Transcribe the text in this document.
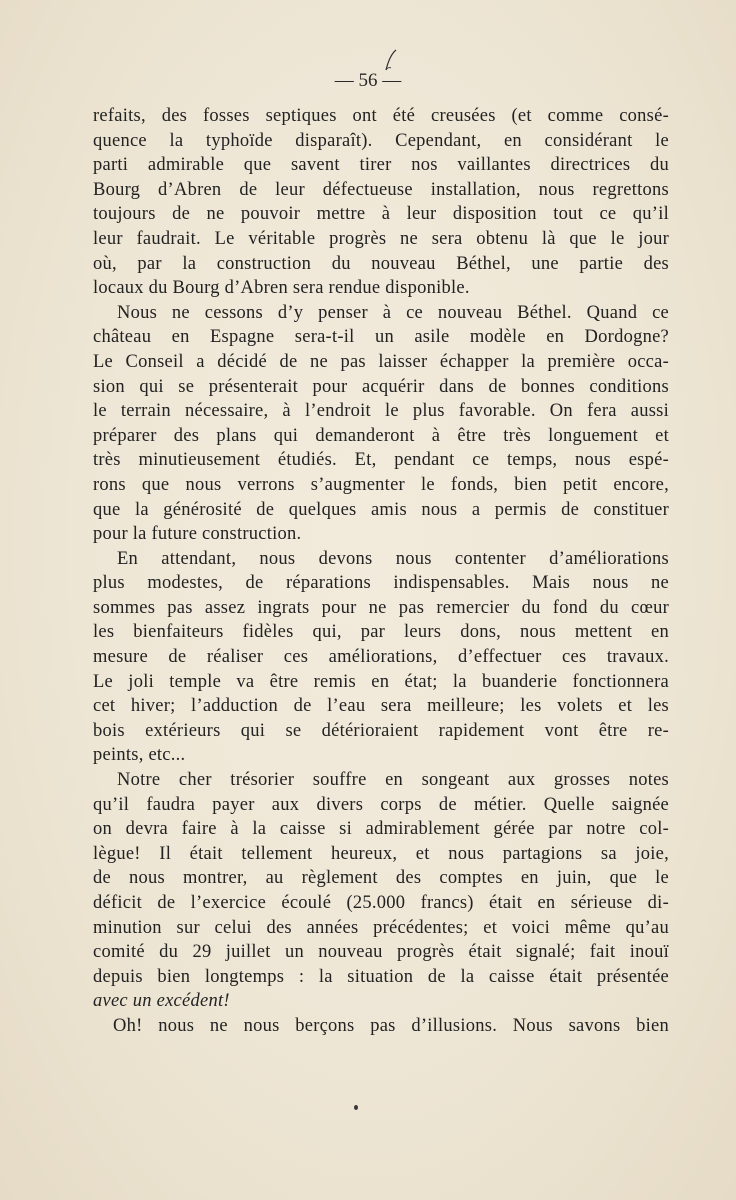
— 56 —
refaits, des fosses septiques ont été creusées (et comme consé-
quence la typhoïde disparaît). Cependant, en considérant le
parti admirable que savent tirer nos vaillantes directrices du
Bourg d’Abren de leur défectueuse installation, nous regrettons
toujours de ne pouvoir mettre à leur disposition tout ce qu’il
leur faudrait. Le véritable progrès ne sera obtenu là que le jour
où, par la construction du nouveau Béthel, une partie des
locaux du Bourg d’Abren sera rendue disponible.
Nous ne cessons d’y penser à ce nouveau Béthel. Quand ce
château en Espagne sera-t-il un asile modèle en Dordogne?
Le Conseil a décidé de ne pas laisser échapper la première occa-
sion qui se présenterait pour acquérir dans de bonnes conditions
le terrain nécessaire, à l’endroit le plus favorable. On fera aussi
préparer des plans qui demanderont à être très longuement et
très minutieusement étudiés. Et, pendant ce temps, nous espé-
rons que nous verrons s’augmenter le fonds, bien petit encore,
que la générosité de quelques amis nous a permis de constituer
pour la future construction.
En attendant, nous devons nous contenter d’améliorations
plus modestes, de réparations indispensables. Mais nous ne
sommes pas assez ingrats pour ne pas remercier du fond du cœur
les bienfaiteurs fidèles qui, par leurs dons, nous mettent en
mesure de réaliser ces améliorations, d’effectuer ces travaux.
Le joli temple va être remis en état; la buanderie fonctionnera
cet hiver; l’adduction de l’eau sera meilleure; les volets et les
bois extérieurs qui se détérioraient rapidement vont être re-
peints, etc...
Notre cher trésorier souffre en songeant aux grosses notes
qu’il faudra payer aux divers corps de métier. Quelle saignée
on devra faire à la caisse si admirablement gérée par notre col-
lègue! Il était tellement heureux, et nous partagions sa joie,
de nous montrer, au règlement des comptes en juin, que le
déficit de l’exercice écoulé (25.000 francs) était en sérieuse di-
minution sur celui des années précédentes; et voici même qu’au
comité du 29 juillet un nouveau progrès était signalé; fait inouï
depuis bien longtemps : la situation de la caisse était présentée
avec un excédent!
Oh! nous ne nous berçons pas d’illusions. Nous savons bien
